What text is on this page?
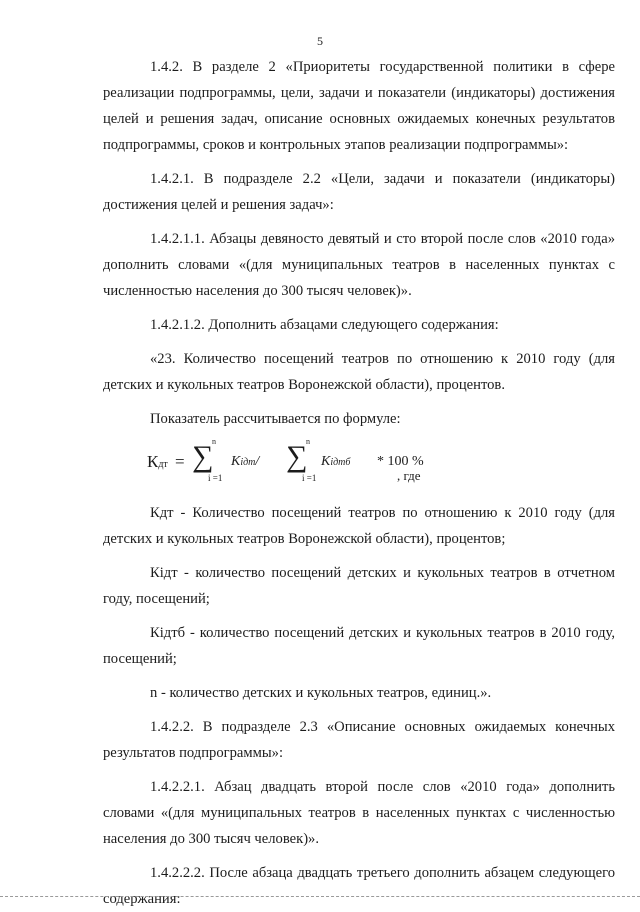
5

1.4.2. В разделе 2 «Приоритеты государственной политики в сфере реализации подпрограммы, цели, задачи и показатели (индикаторы) достижения целей и решения задач, описание основных ожидаемых конечных результатов подпрограммы, сроков и контрольных этапов реализации подпрограммы»:

1.4.2.1. В подразделе 2.2 «Цели, задачи и показатели (индикаторы) достижения целей и решения задач»:

1.4.2.1.1. Абзацы девяносто девятый и сто второй после слов «2010 года» дополнить словами «(для муниципальных театров в населенных пунктах с численностью населения до 300 тысяч человек)».

1.4.2.1.2. Дополнить абзацами следующего содержания:

«23. Количество посещений театров по отношению к 2010 году (для детских и кукольных театров Воронежской области), процентов.

Показатель рассчитывается по формуле:

Кдт = ∑
n
i =1
Kiдт/ ∑
n
i =1
Kiдтб * 100 %
, где

Кдт - Количество посещений театров по отношению к 2010 году (для детских и кукольных театров Воронежской области), процентов;

Кiдт - количество посещений детских и кукольных театров в отчетном году, посещений;

Кiдтб - количество посещений детских и кукольных театров в 2010 году, посещений;

n - количество детских и кукольных театров, единиц.».

1.4.2.2. В подразделе 2.3 «Описание основных ожидаемых конечных результатов подпрограммы»:

1.4.2.2.1. Абзац двадцать второй после слов «2010 года» дополнить словами «(для муниципальных театров в населенных пунктах с численностью населения до 300 тысяч человек)».

1.4.2.2.2. После абзаца двадцать третьего дополнить абзацем следующего содержания:
